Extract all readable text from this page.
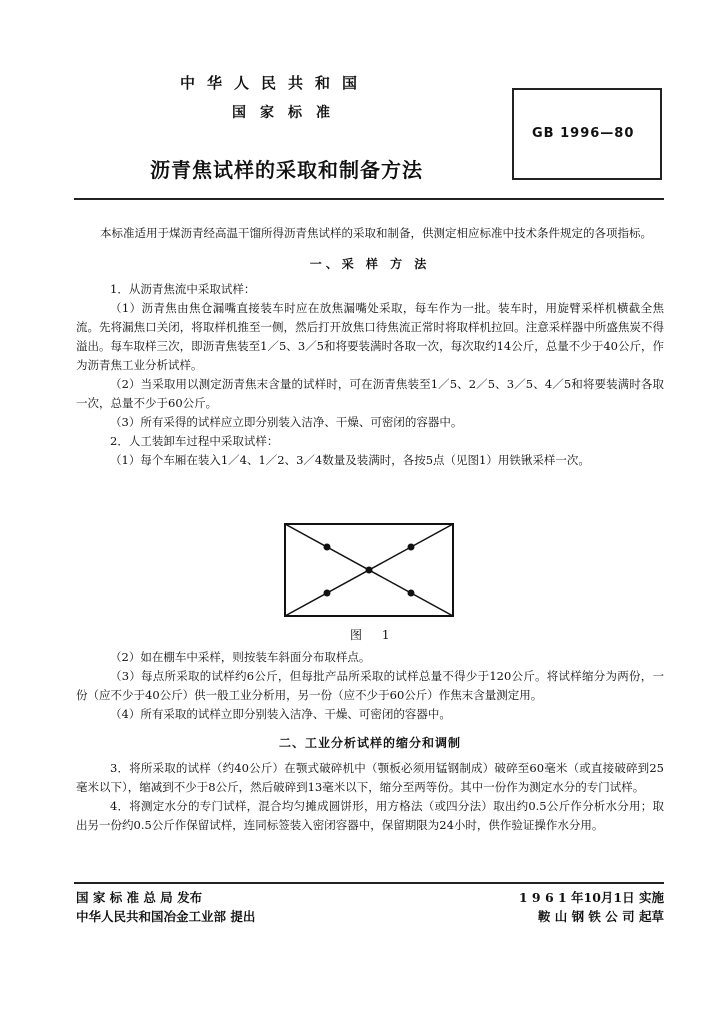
中华人民共和国
国家标准
沥青焦试样的采取和制备方法
GB 1996—80

本标准适用于煤沥青经高温干馏所得沥青焦试样的采取和制备，供测定相应标准中技术条件规定的各项指标。

一、采 样 方 法

1．从沥青焦流中采取试样：

（1）沥青焦由焦仓漏嘴直接装车时应在放焦漏嘴处采取，每车作为一批。装车时，用旋臂采样机横截全焦流。先将漏焦口关闭，将取样机推至一侧，然后打开放焦口待焦流正常时将取样机拉回。注意采样器中所盛焦炭不得溢出。每车取样三次，即沥青焦装至1／5、3／5和将要装满时各取一次，每次取约14公斤，总量不少于40公斤，作为沥青焦工业分析试样。

（2）当采取用以测定沥青焦末含量的试样时，可在沥青焦装至1／5、2／5、3／5、4／5和将要装满时各取一次，总量不少于60公斤。

（3）所有采得的试样应立即分别装入洁净、干燥、可密闭的容器中。

2．人工装卸车过程中采取试样：

（1）每个车厢在装入1／4、1／2、3／4数量及装满时，各按5点（见图1）用铁锹采样一次。

图 1

（2）如在棚车中采样，则按装车斜面分布取样点。

（3）每点所采取的试样约6公斤，但每批产品所采取的试样总量不得少于120公斤。将试样缩分为两份，一份（应不少于40公斤）供一般工业分析用，另一份（应不少于60公斤）作焦末含量测定用。

（4）所有采取的试样立即分别装入洁净、干燥、可密闭的容器中。

二、工业分析试样的缩分和调制

3．将所采取的试样（约40公斤）在颚式破碎机中（颚板必须用锰钢制成）破碎至60毫米（或直接破碎到25毫米以下），缩减到不少于8公斤，然后破碎到13毫米以下，缩分至两等份。其中一份作为测定水分的专门试样。

4．将测定水分的专门试样，混合均匀摊成圆饼形，用方格法（或四分法）取出约0.5公斤作分析水分用；取出另一份约0.5公斤作保留试样，连同标签装入密闭容器中，保留期限为24小时，供作验证操作水分用。

国 家 标 准 总 局 发布	1 9 6 1 年10月1日 实施
中华人民共和国冶金工业部 提出	鞍 山 钢 铁 公 司 起草
